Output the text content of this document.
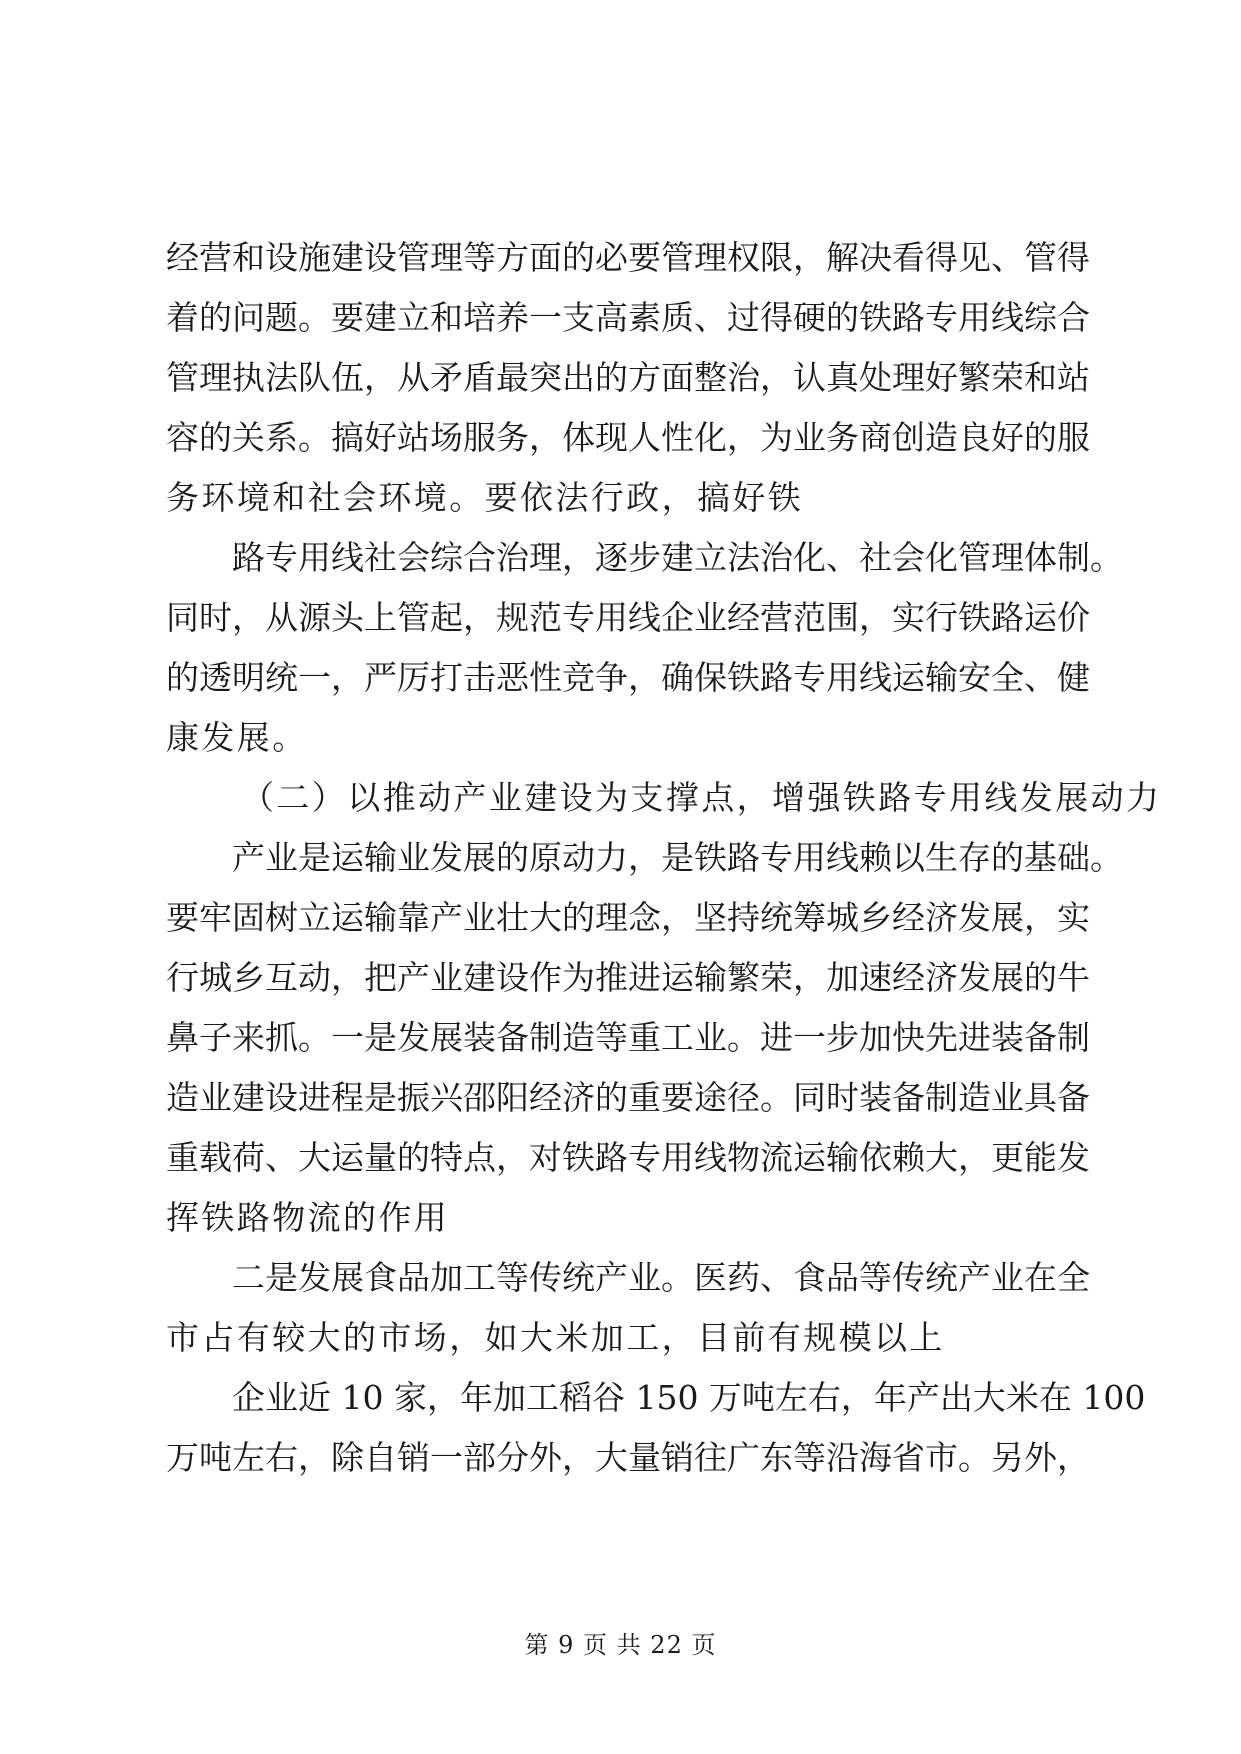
经营和设施建设管理等方面的必要管理权限，解决看得见、管得
着的问题。要建立和培养一支高素质、过得硬的铁路专用线综合
管理执法队伍，从矛盾最突出的方面整治，认真处理好繁荣和站
容的关系。搞好站场服务，体现人性化，为业务商创造良好的服
务环境和社会环境。要依法行政，搞好铁
路专用线社会综合治理，逐步建立法治化、社会化管理体制。
同时，从源头上管起，规范专用线企业经营范围，实行铁路运价
的透明统一，严厉打击恶性竞争，确保铁路专用线运输安全、健
康发展。
（二）以推动产业建设为支撑点，增强铁路专用线发展动力
产业是运输业发展的原动力，是铁路专用线赖以生存的基础。
要牢固树立运输靠产业壮大的理念，坚持统筹城乡经济发展，实
行城乡互动，把产业建设作为推进运输繁荣，加速经济发展的牛
鼻子来抓。一是发展装备制造等重工业。进一步加快先进装备制
造业建设进程是振兴邵阳经济的重要途径。同时装备制造业具备
重载荷、大运量的特点，对铁路专用线物流运输依赖大，更能发
挥铁路物流的作用
二是发展食品加工等传统产业。医药、食品等传统产业在全
市占有较大的市场，如大米加工，目前有规模以上
企业近 10 家，年加工稻谷 150 万吨左右，年产出大米在 100
万吨左右，除自销一部分外，大量销往广东等沿海省市。另外，
第 9 页 共 22 页
